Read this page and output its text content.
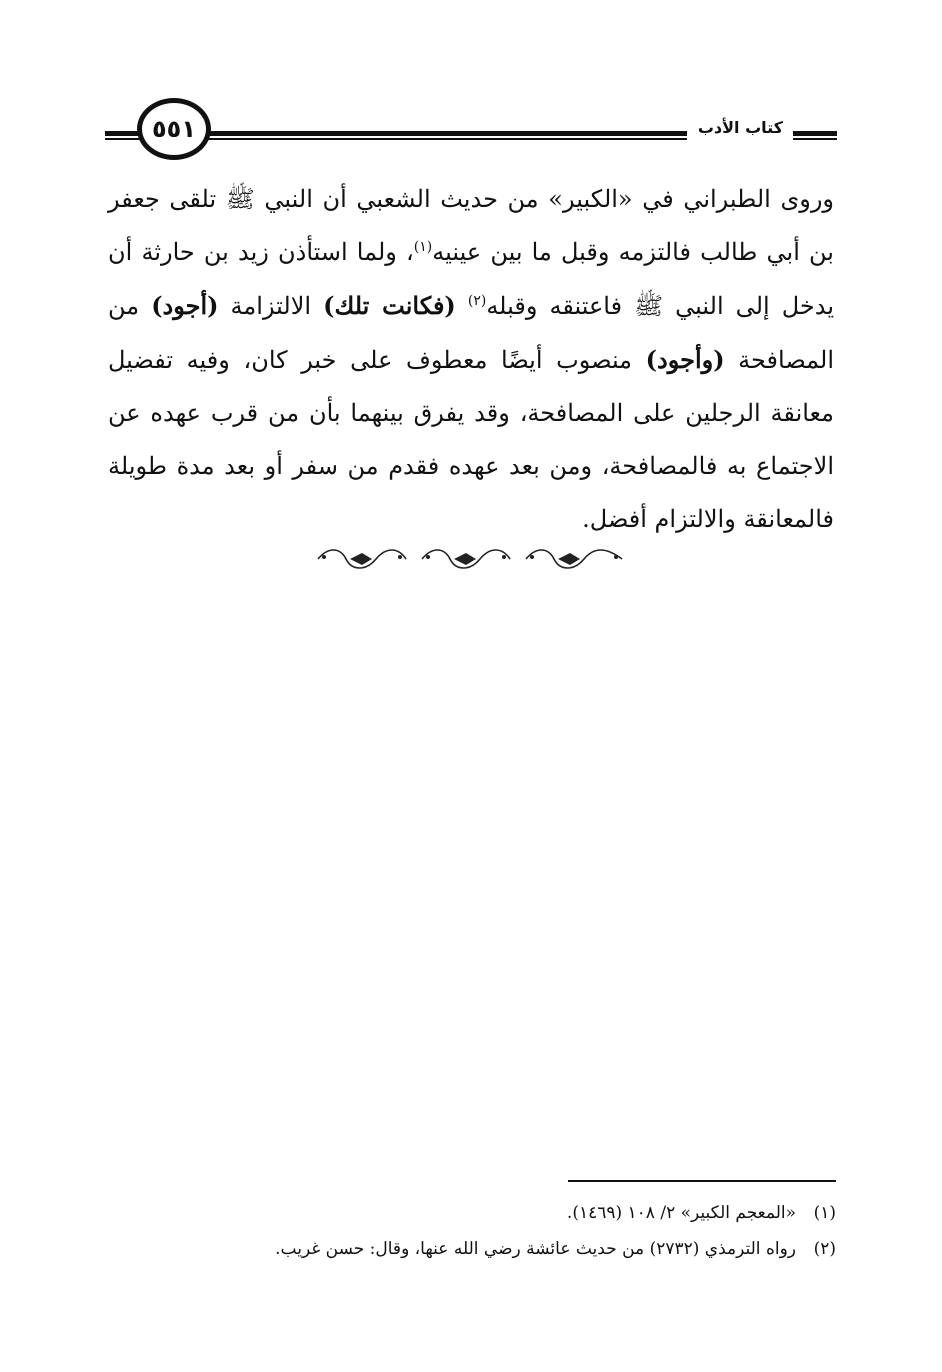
كتاب الأدب
٥٥١

وروى الطبراني في «الكبير» من حديث الشعبي أن النبي ﷺ تلقى جعفر بن أبي طالب فالتزمه وقبل ما بين عينيه$^{(١)}$، ولما استأذن زيد بن حارثة أن يدخل إلى النبي ﷺ فاعتنقه وقبله$^{(٢)}$ (فكانت تلك) الالتزامة (أجود) من المصافحة (وأجود) منصوب أيضًا معطوف على خبر كان، وفيه تفضيل معانقة الرجلين على المصافحة، وقد يفرق بينهما بأن من قرب عهده عن الاجتماع به فالمصافحة، ومن بعد عهده فقدم من سفر أو بعد مدة طويلة فالمعانقة والالتزام أفضل.

(١)«المعجم الكبير» ٢/ ١٠٨ (١٤٦٩).

(٢)رواه الترمذي (٢٧٣٢) من حديث عائشة رضي الله عنها، وقال: حسن غريب.
